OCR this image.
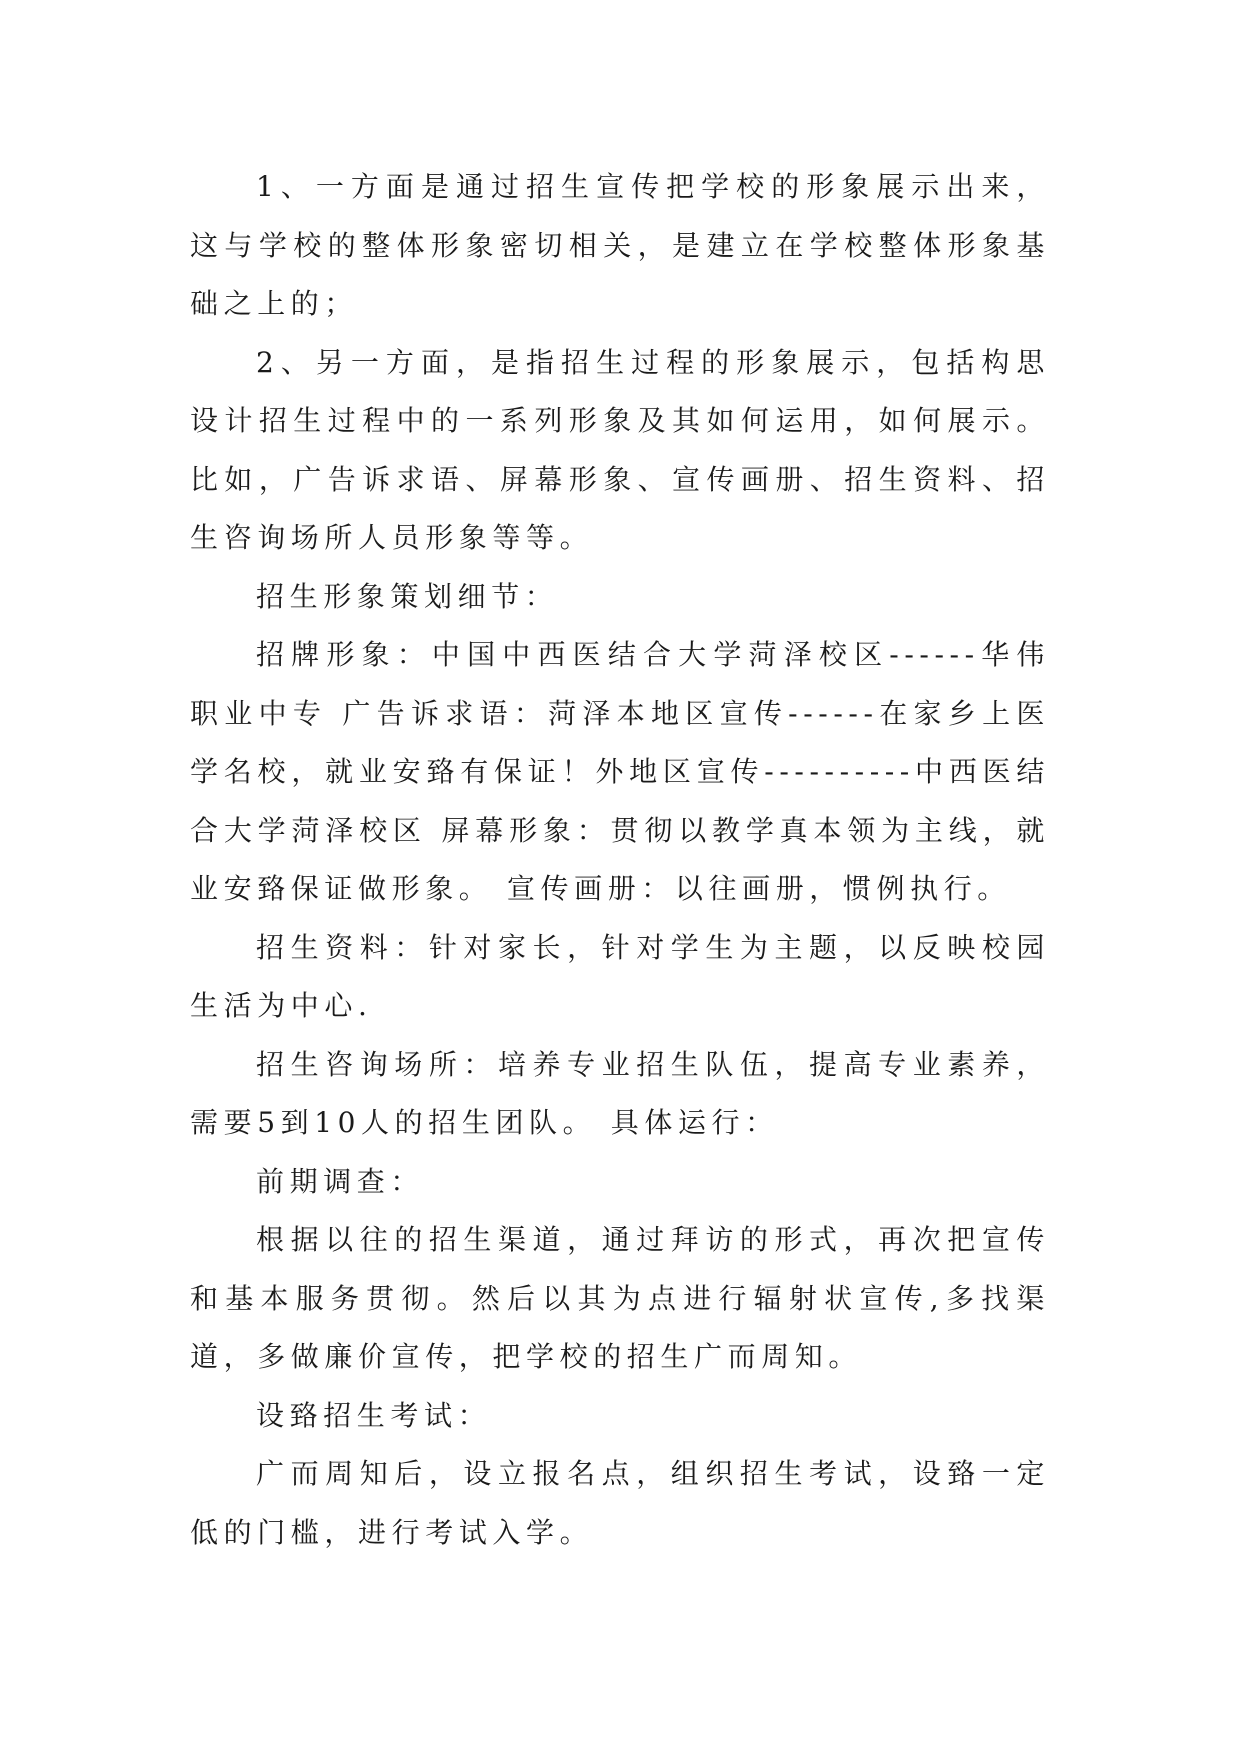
1、一方面是通过招生宣传把学校的形象展示出来，这与学校的整体形象密切相关，是建立在学校整体形象基础之上的；

2、另一方面，是指招生过程的形象展示，包括构思设计招生过程中的一系列形象及其如何运用，如何展示。比如，广告诉求语、屏幕形象、宣传画册、招生资料、招生咨询场所人员形象等等。

招生形象策划细节：

招牌形象：中国中西医结合大学菏泽校区------华伟职业中专 广告诉求语：菏泽本地区宣传------在家乡上医学名校，就业安臵有保证！外地区宣传----------中西医结合大学菏泽校区 屏幕形象：贯彻以教学真本领为主线，就业安臵保证做形象。 宣传画册：以往画册，惯例执行。

招生资料：针对家长，针对学生为主题，以反映校园生活为中心.

招生咨询场所：培养专业招生队伍，提高专业素养，需要5到10人的招生团队。 具体运行：

前期调查：

根据以往的招生渠道，通过拜访的形式，再次把宣传和基本服务贯彻。然后以其为点进行辐射状宣传,多找渠道，多做廉价宣传，把学校的招生广而周知。

设臵招生考试：

广而周知后，设立报名点，组织招生考试，设臵一定低的门槛，进行考试入学。
